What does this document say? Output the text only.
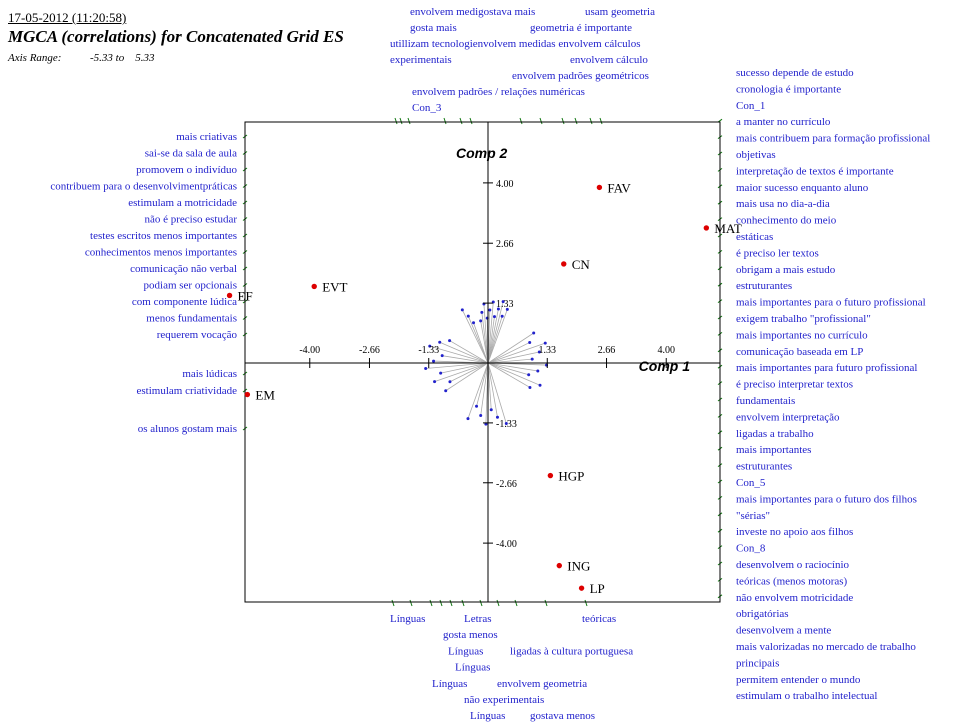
17-05-2012 (11:20:58)
MGCA (correlations) for Concatenated Grid ES
Axis Range:	-5.33 to    5.33
-4.00	-2.66	-1.33	1.33	2.66	4.00
4.00
2.66
1.33
-1.33
-2.66
-4.00
Comp 1
Comp 2
FAV
MAT
CN
EVT
EF
EM
HGP
ING
LP
mais criativas
sai-se da sala de aula
promovem o indivíduo
contribuem para o desenvolvimentpráticas
estimulam a motricidade
não é preciso estudar
testes escritos menos importantes
conhecimentos menos importantes
comunicação não verbal
podiam ser opcionais
com componente lúdica
menos fundamentais
requerem vocação
mais lúdicas
estimulam criatividade
os alunos gostam mais
sucesso depende de estudo
cronologia é importante
Con_1
a manter no currículo
mais contribuem para formação profissional
objetivas
interpretação de textos é importante
maior sucesso enquanto aluno
mais usa no dia-a-dia
conhecimento do meio
estáticas
é preciso ler textos
obrigam a mais estudo
estruturantes
mais importantes para o futuro profissional
exigem trabalho "profissional"
mais importantes no currículo
comunicação baseada em LP
mais importantes para futuro profissional
é preciso interpretar textos
fundamentais
envolvem interpretação
ligadas a trabalho
mais importantes
estruturantes
Con_5
mais importantes para o futuro dos filhos
"sérias"
investe no apoio aos filhos
Con_8
desenvolvem o raciocínio
teóricas (menos motoras)
não envolvem motricidade
obrigatórias
desenvolvem a mente
mais valorizadas no mercado de trabalho
principais
permitem entender o mundo
estimulam o trabalho intelectual
envolvem medigostava mais	usam geometria
gosta mais	geometria é importante
utillizam tecnologienvolvem medidas envolvem cálculos
experimentais	envolvem cálculo
envolvem padrões geométricos
envolvem padrões / relações numéricas
Con_3
Línguas	Letras	teóricas
gosta menos
Línguas ligadas à cultura portuguesa
Línguas
Línguas	envolvem geometria
não experimentais
Línguas gostava menos
